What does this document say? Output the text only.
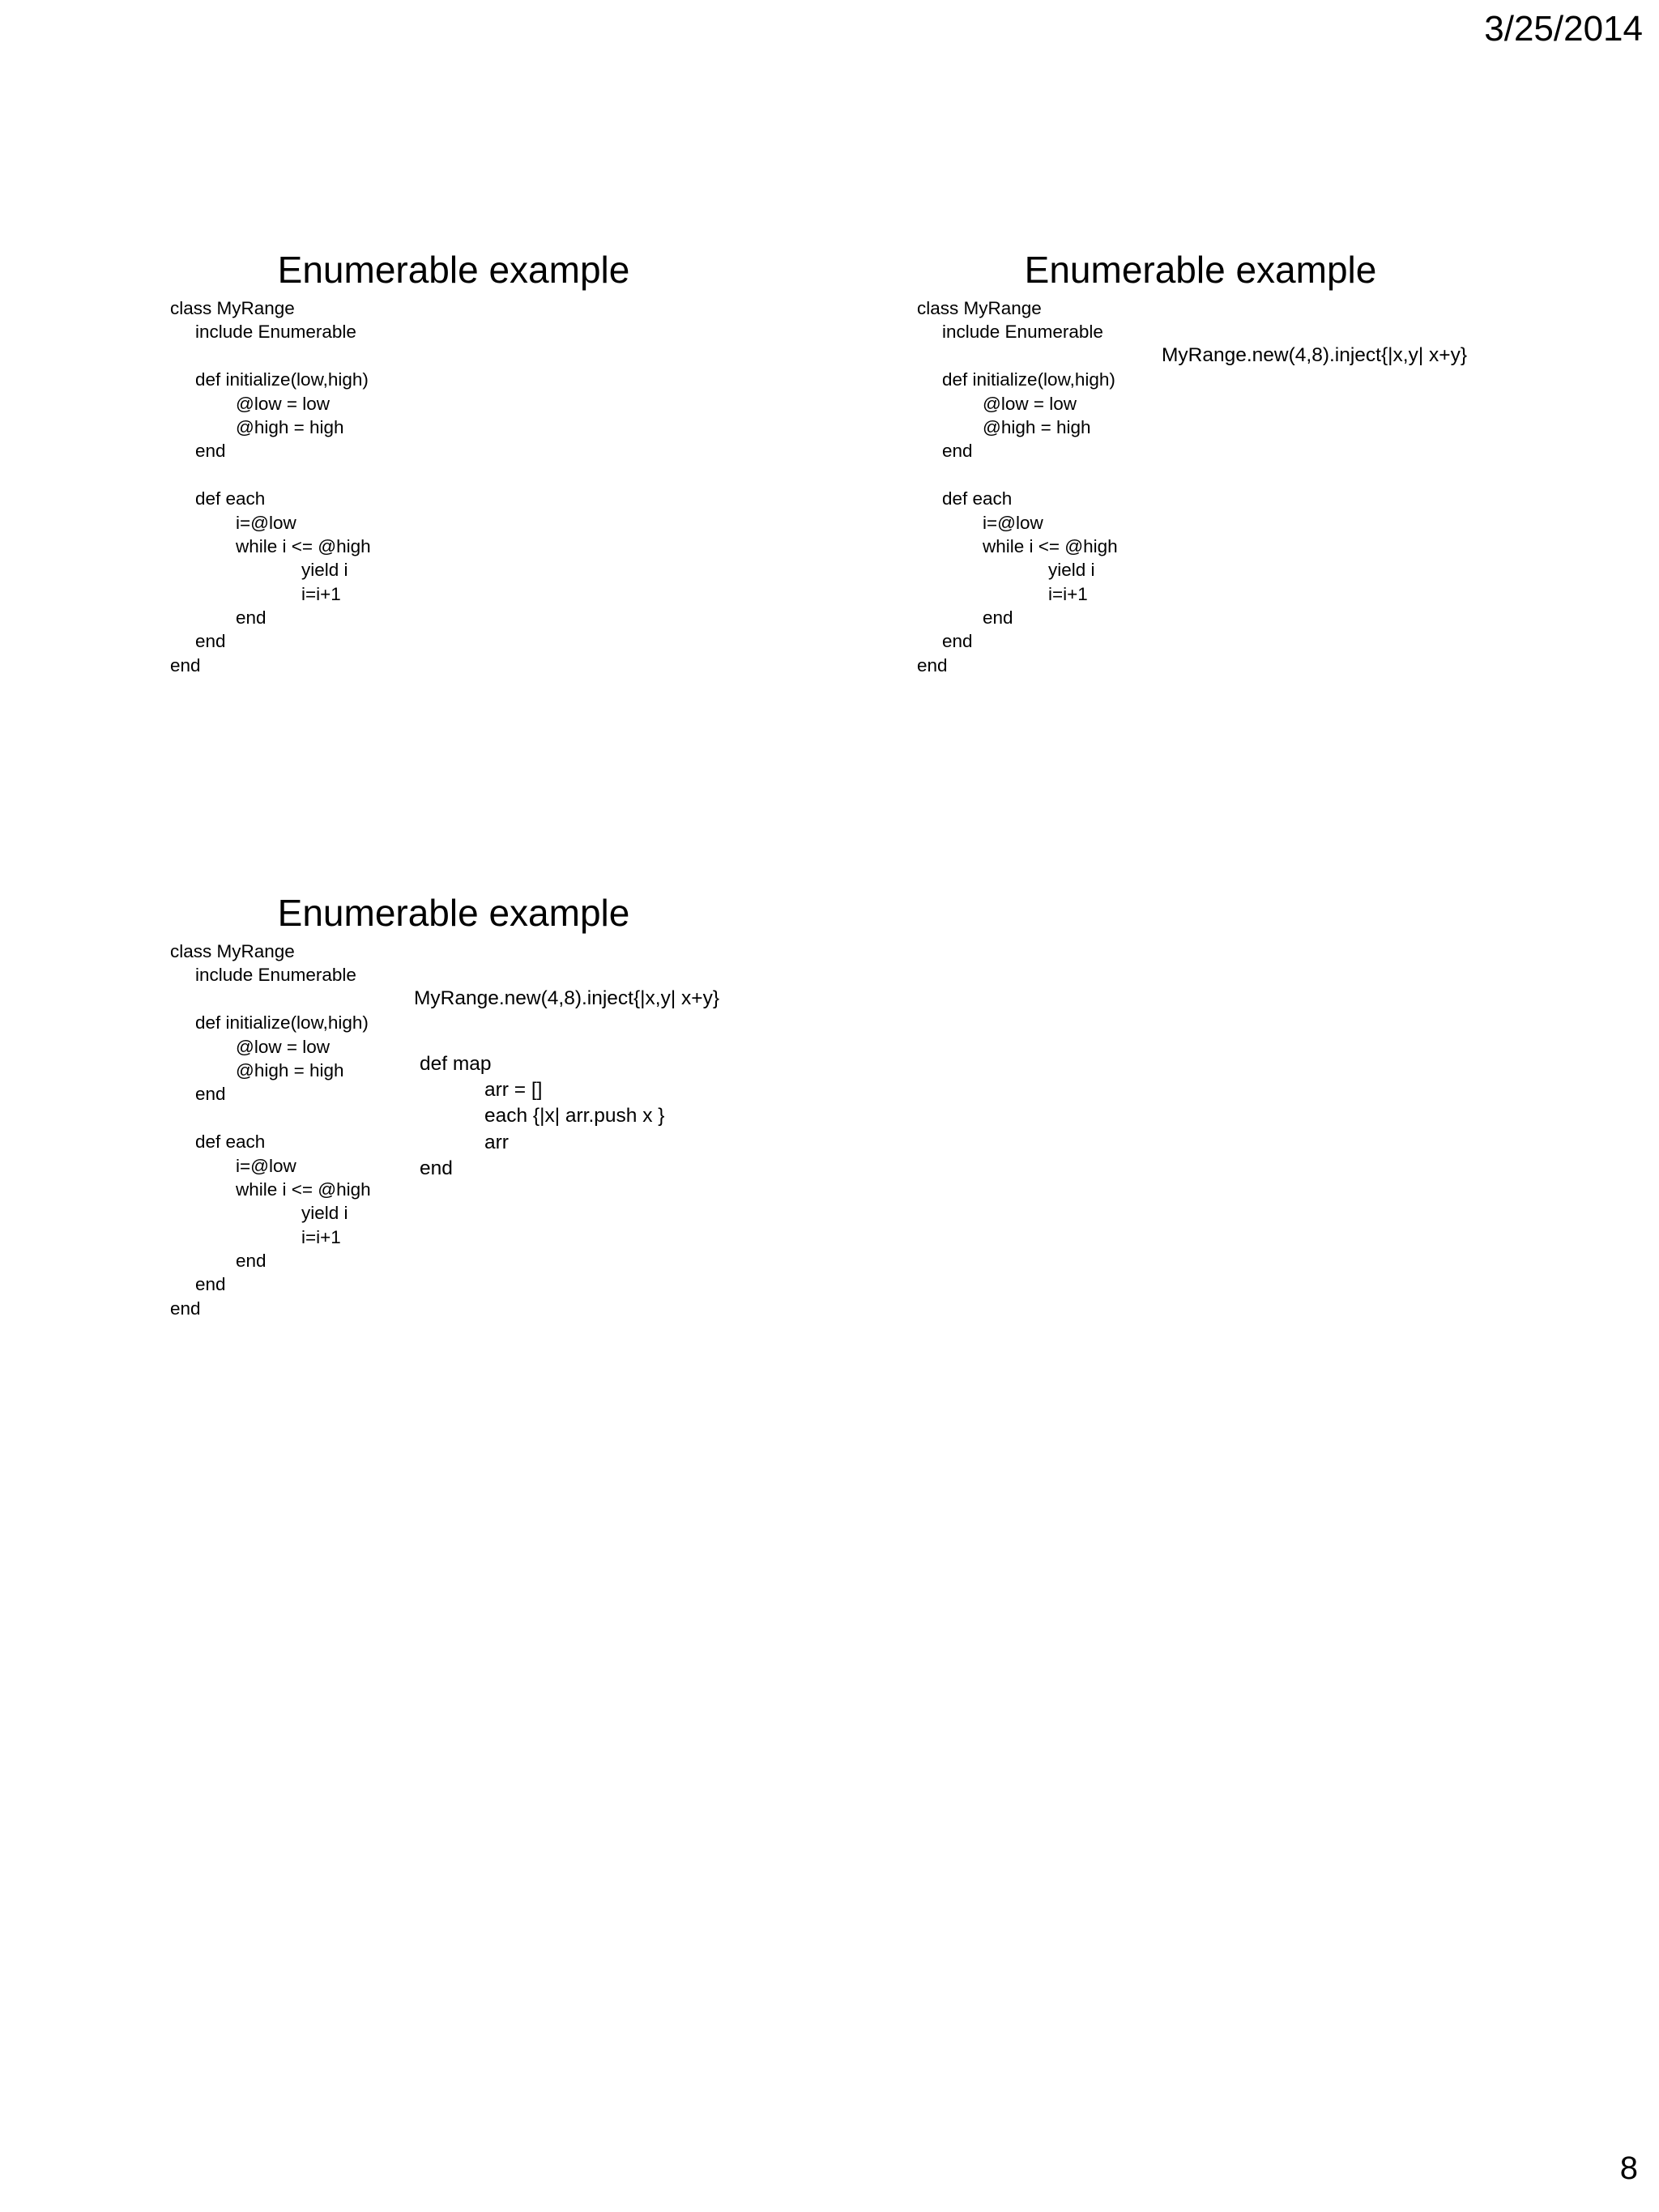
3/25/2014
Enumerable example
class MyRange
include Enumerable
def initialize(low,high)
@low = low
@high = high
end
def each
i=@low
while i <= @high
yield i
i=i+1
end
end
end
Enumerable example
class MyRange
include Enumerable
def initialize(low,high)
@low = low
@high = high
end
def each
i=@low
while i <= @high
yield i
i=i+1
end
end
end
MyRange.new(4,8).inject{|x,y| x+y}
Enumerable example
class MyRange
include Enumerable
def initialize(low,high)
@low = low
@high = high
end
def each
i=@low
while i <= @high
yield i
i=i+1
end
end
end
MyRange.new(4,8).inject{|x,y| x+y}
def map
arr = []
each {|x| arr.push x }
arr
end
8
